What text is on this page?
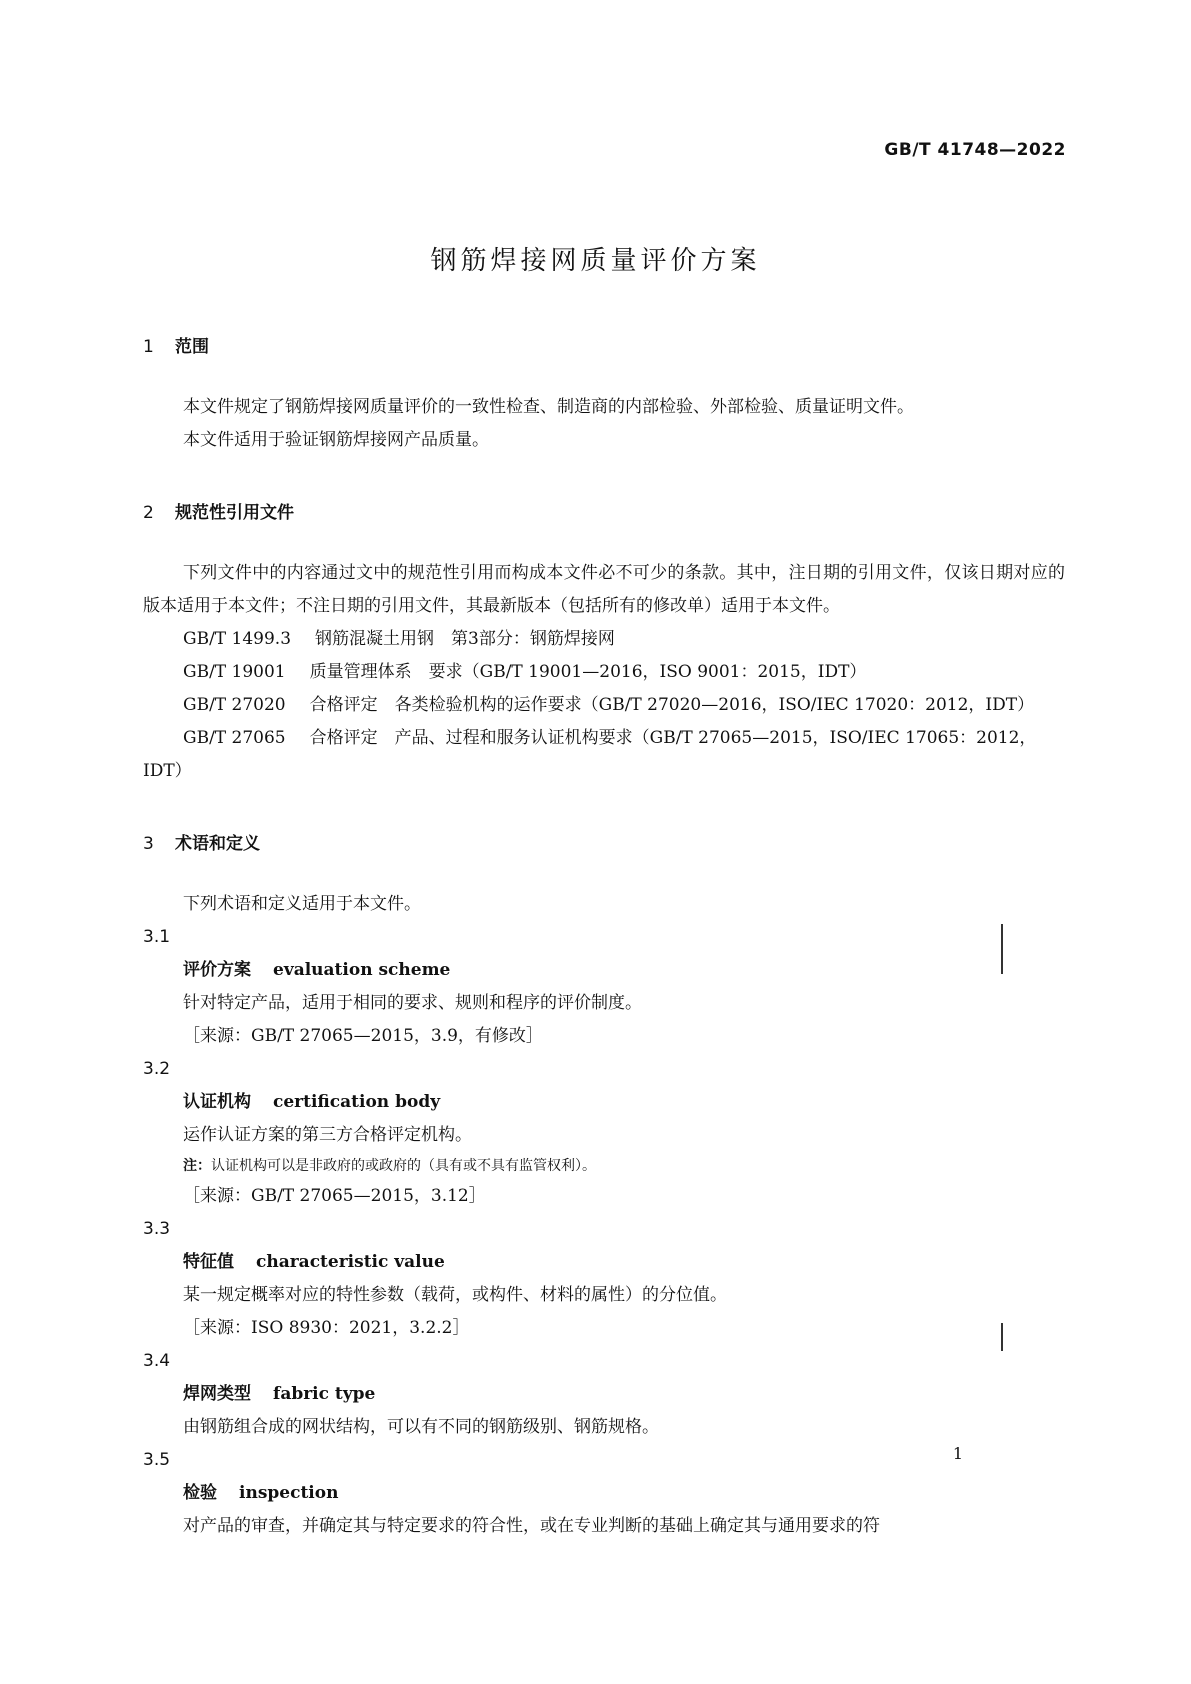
GB/T 41748—2022
钢筋焊接网质量评价方案
1 范围
本文件规定了钢筋焊接网质量评价的一致性检查、制造商的内部检验、外部检验、质量证明文件。
本文件适用于验证钢筋焊接网产品质量。
2 规范性引用文件
下列文件中的内容通过文中的规范性引用而构成本文件必不可少的条款。其中，注日期的引用文件，仅该日期对应的版本适用于本文件；不注日期的引用文件，其最新版本（包括所有的修改单）适用于本文件。
GB/T 1499.3 钢筋混凝土用钢　第3部分：钢筋焊接网
GB/T 19001 质量管理体系　要求（GB/T 19001—2016，ISO 9001：2015，IDT）
GB/T 27020 合格评定　各类检验机构的运作要求（GB/T 27020—2016，ISO/IEC 17020：2012，IDT）
GB/T 27065 合格评定　产品、过程和服务认证机构要求（GB/T 27065—2015，ISO/IEC 17065：2012，IDT）
3 术语和定义
下列术语和定义适用于本文件。
3.1
评价方案 evaluation scheme
针对特定产品，适用于相同的要求、规则和程序的评价制度。
［来源：GB/T 27065—2015，3.9，有修改］
3.2
认证机构 certification body
运作认证方案的第三方合格评定机构。
注：认证机构可以是非政府的或政府的（具有或不具有监管权利）。
［来源：GB/T 27065—2015，3.12］
3.3
特征值 characteristic value
某一规定概率对应的特性参数（载荷，或构件、材料的属性）的分位值。
［来源：ISO 8930：2021，3.2.2］
3.4
焊网类型 fabric type
由钢筋组合成的网状结构，可以有不同的钢筋级别、钢筋规格。
3.5
检验 inspection
对产品的审查，并确定其与特定要求的符合性，或在专业判断的基础上确定其与通用要求的符
1
